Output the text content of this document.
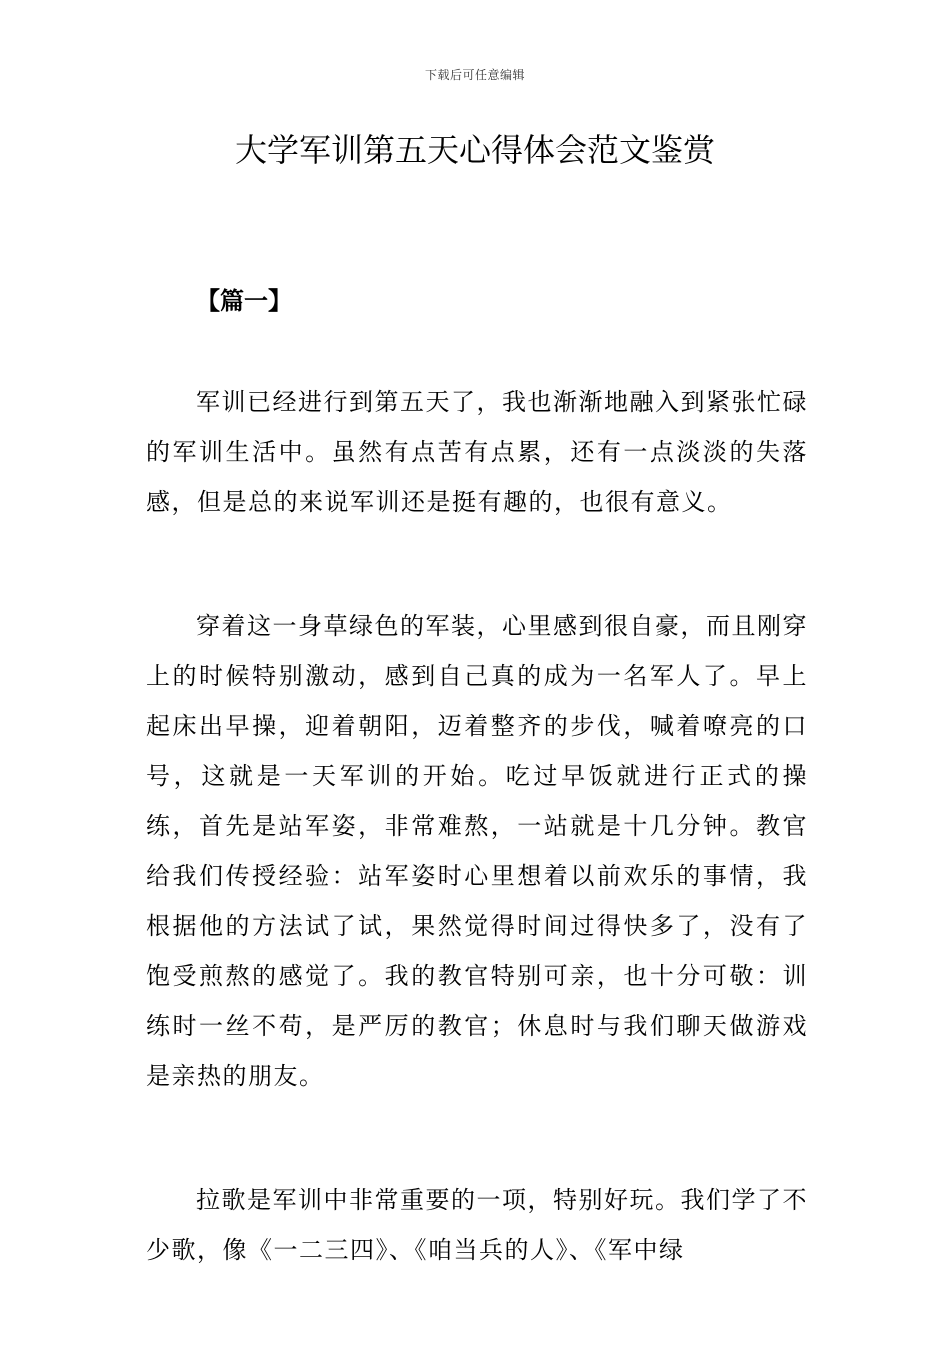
下载后可任意编辑
大学军训第五天心得体会范文鉴赏

【篇一】

军训已经进行到第五天了，我也渐渐地融入到紧张忙碌的军训生活中。虽然有点苦有点累，还有一点淡淡的失落感，但是总的来说军训还是挺有趣的，也很有意义。

穿着这一身草绿色的军装，心里感到很自豪，而且刚穿上的时候特别激动，感到自己真的成为一名军人了。早上起床出早操，迎着朝阳，迈着整齐的步伐，喊着嘹亮的口号，这就是一天军训的开始。吃过早饭就进行正式的操练，首先是站军姿，非常难熬，一站就是十几分钟。教官给我们传授经验：站军姿时心里想着以前欢乐的事情，我根据他的方法试了试，果然觉得时间过得快多了，没有了饱受煎熬的感觉了。我的教官特别可亲，也十分可敬：训练时一丝不苟，是严厉的教官；休息时与我们聊天做游戏是亲热的朋友。

拉歌是军训中非常重要的一项，特别好玩。我们学了不少歌，像《一二三四》、《咱当兵的人》、《军中绿
